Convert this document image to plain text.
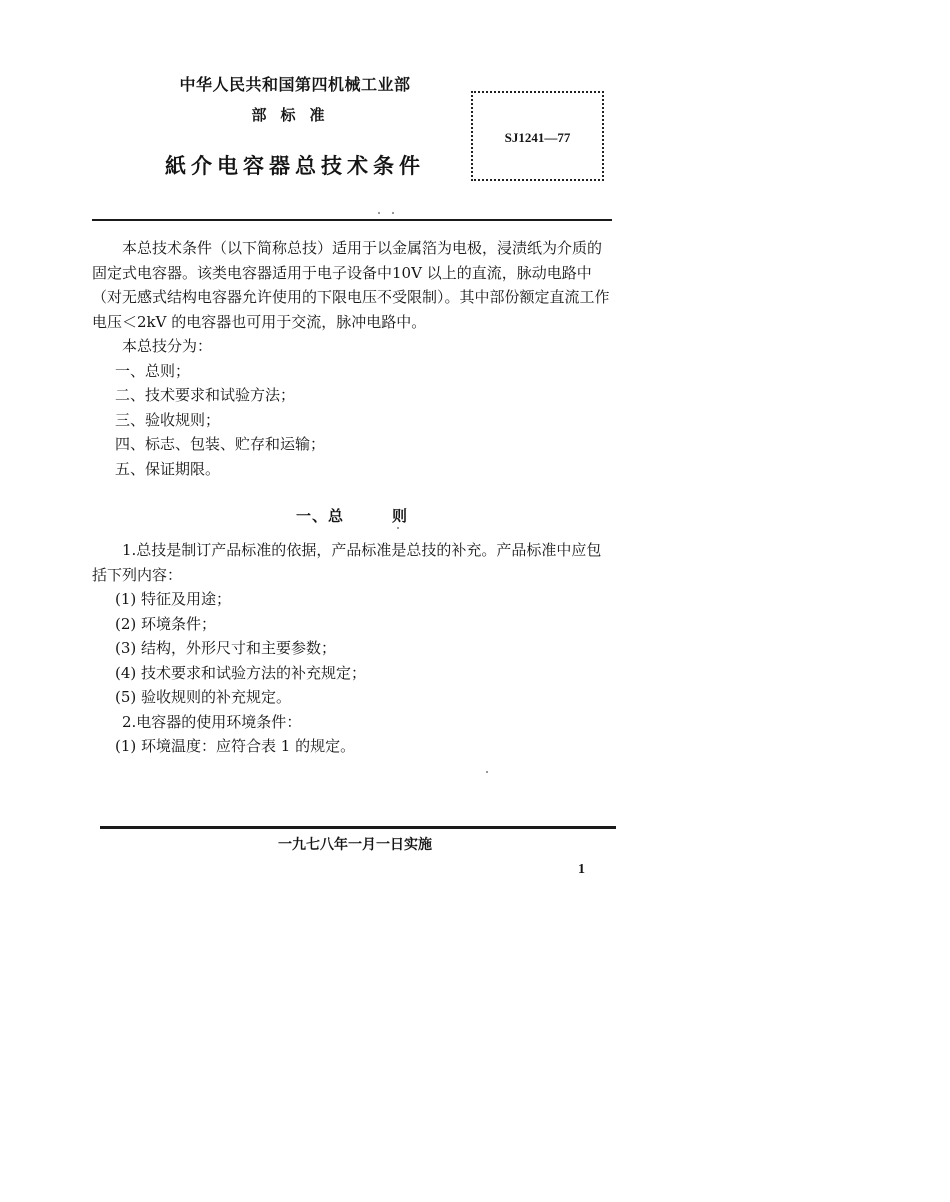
中华人民共和国第四机械工业部
部标准
紙介电容器总技术条件
SJ1241—77

本总技术条件（以下简称总技）适用于以金属箔为电极，浸渍纸为介质的固定式电容器。该类电容器适用于电子设备中10V 以上的直流，脉动电路中（对无感式结构电容器允许使用的下限电压不受限制）。其中部份额定直流工作电压＜2kV 的电容器也可用于交流，脉冲电路中。

本总技分为：

一、总则；

二、技术要求和试验方法；

三、验收规则；

四、标志、包装、贮存和运输；

五、保证期限。

一、总	则

1.总技是制订产品标准的依据，产品标准是总技的补充。产品标准中应包括下列内容：

(1) 特征及用途；

(2) 环境条件；

(3) 结构，外形尺寸和主要参数；

(4) 技术要求和试验方法的补充规定；

(5) 验收规则的补充规定。

2.电容器的使用环境条件：

(1) 环境温度：应符合表 1 的规定。

一九七八年一月一日实施
1
